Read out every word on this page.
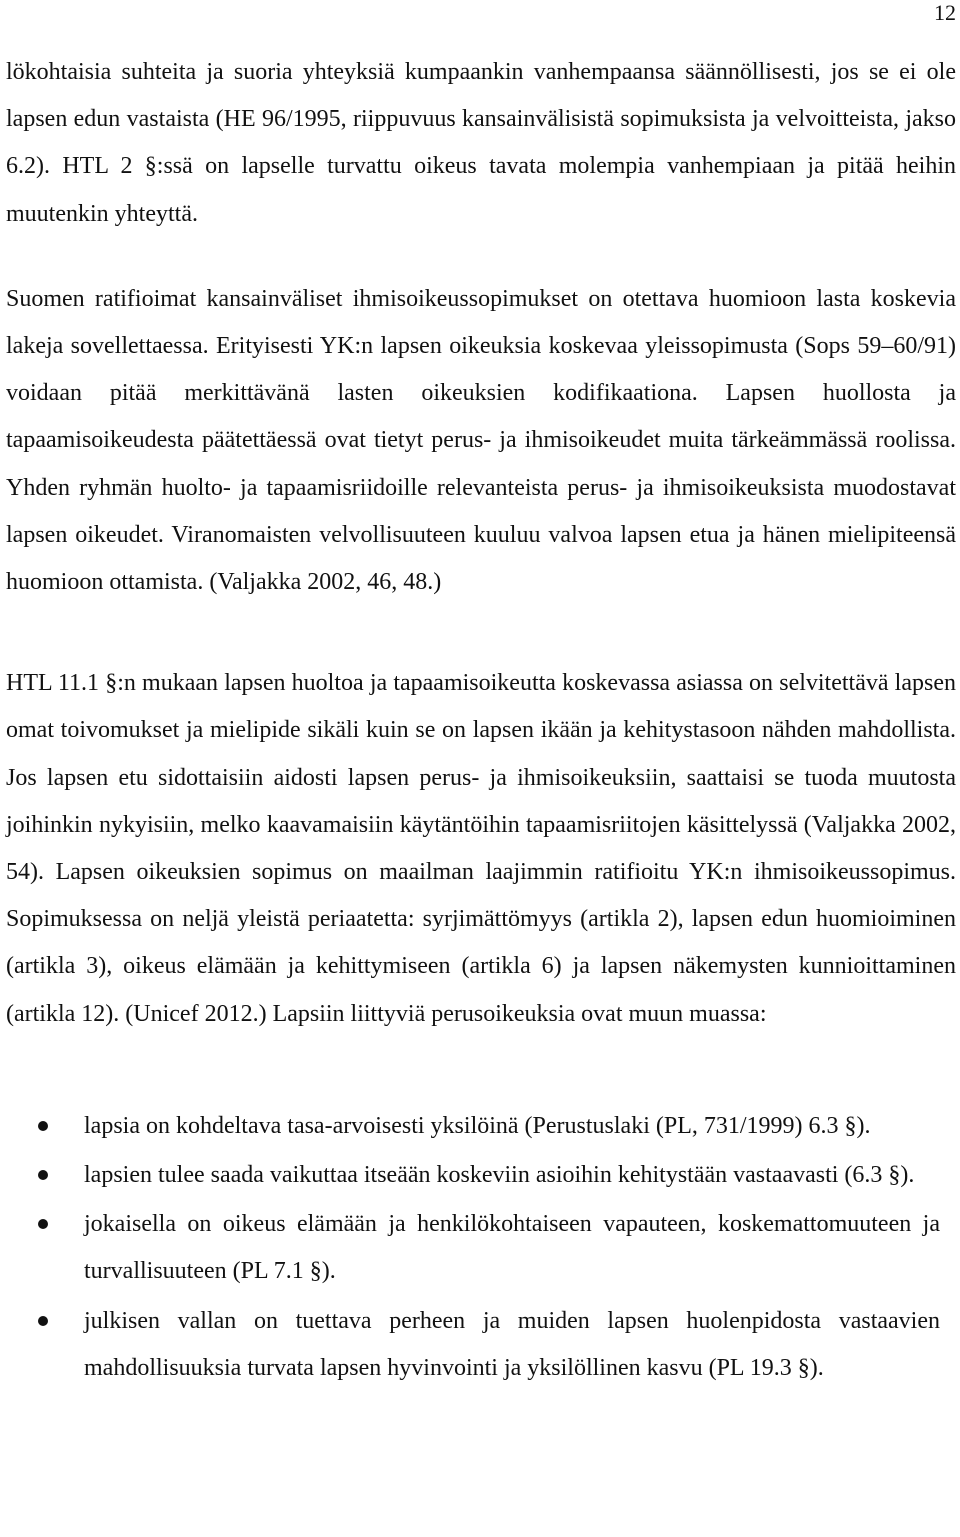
12

lökohtaisia suhteita ja suoria yhteyksiä kumpaankin vanhempaansa säännöllisesti, jos se ei ole lapsen edun vastaista (HE 96/1995, riippuvuus kansainvälisistä sopimuksista ja velvoitteista, jakso 6.2). HTL 2 §:ssä on lapselle turvattu oikeus tavata molempia vanhempiaan ja pitää heihin muutenkin yhteyttä.

Suomen ratifioimat kansainväliset ihmisoikeussopimukset on otettava huomioon lasta koskevia lakeja sovellettaessa. Erityisesti YK:n lapsen oikeuksia koskevaa yleissopimusta (Sops 59–60/91) voidaan pitää merkittävänä lasten oikeuksien kodifikaationa. Lapsen huollosta ja tapaamisoikeudesta päätettäessä ovat tietyt perus- ja ihmisoikeudet muita tärkeämmässä roolissa. Yhden ryhmän huolto- ja tapaamisriidoille relevanteista perus- ja ihmisoikeuksista muodostavat lapsen oikeudet. Viranomaisten velvollisuuteen kuuluu valvoa lapsen etua ja hänen mielipiteensä huomioon ottamista. (Valjakka 2002, 46, 48.)

HTL 11.1 §:n mukaan lapsen huoltoa ja tapaamisoikeutta koskevassa asiassa on selvitettävä lapsen omat toivomukset ja mielipide sikäli kuin se on lapsen ikään ja kehitystasoon nähden mahdollista. Jos lapsen etu sidottaisiin aidosti lapsen perus- ja ihmisoikeuksiin, saattaisi se tuoda muutosta joihinkin nykyisiin, melko kaavamaisiin käytäntöihin tapaamisriitojen käsittelyssä (Valjakka 2002, 54). Lapsen oikeuksien sopimus on maailman laajimmin ratifioitu YK:n ihmisoikeussopimus. Sopimuksessa on neljä yleistä periaatetta: syrjimättömyys (artikla 2), lapsen edun huomioiminen (artikla 3), oikeus elämään ja kehittymiseen (artikla 6) ja lapsen näkemysten kunnioittaminen (artikla 12). (Unicef 2012.) Lapsiin liittyviä perusoikeuksia ovat muun muassa:

lapsia on kohdeltava tasa-arvoisesti yksilöinä (Perustuslaki (PL, 731/1999) 6.3 §).
lapsien tulee saada vaikuttaa itseään koskeviin asioihin kehitystään vastaavasti (6.3 §).
jokaisella on oikeus elämään ja henkilökohtaiseen vapauteen, koskemattomuuteen ja turvallisuuteen (PL 7.1 §).
julkisen vallan on tuettava perheen ja muiden lapsen huolenpidosta vastaavien mahdollisuuksia turvata lapsen hyvinvointi ja yksilöllinen kasvu (PL 19.3 §).
